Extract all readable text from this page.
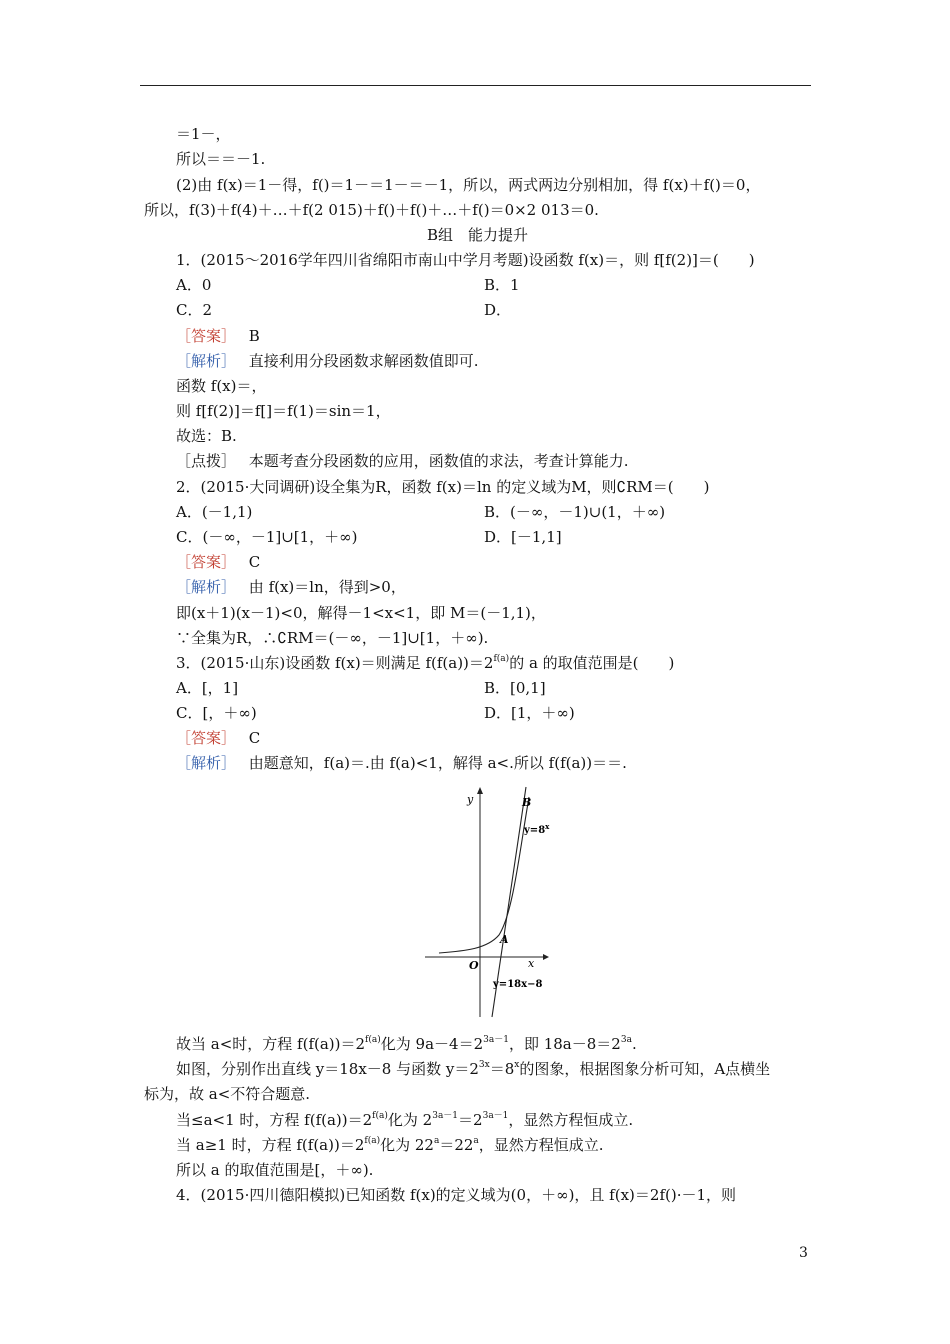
＝1－，
所以＝＝－1.
(2)由 f(x)＝1－得，f()＝1－＝1－＝－1，所以，两式两边分别相加，得 f(x)＋f()＝0，
所以，f(3)＋f(4)＋…＋f(2 015)＋f()＋f()＋…＋f()＝0×2 013＝0.
B组　能力提升
1．(2015～2016学年四川省绵阳市南山中学月考题)设函数 f(x)＝，则 f[f(2)]＝(　　)
A．0	B．1
C．2	D．
［答案］ B
［解析］ 直接利用分段函数求解函数值即可.
函数 f(x)＝，
则 f[f(2)]＝f[]＝f(1)＝sin＝1，
故选：B.
［点拨］ 本题考查分段函数的应用，函数值的求法，考查计算能力.
2．(2015·大同调研)设全集为R，函数 f(x)＝ln 的定义域为M，则∁RM＝(　　)
A．(－1,1)	B．(－∞，－1)∪(1，＋∞)
C．(－∞，－1]∪[1，＋∞)	D．[－1,1]
［答案］ C
［解析］ 由 f(x)＝ln，得到>0，
即(x＋1)(x－1)<0，解得－1<x<1，即 M＝(－1,1)，
∵全集为R，∴∁RM＝(－∞，－1]∪[1，＋∞).
3．(2015·山东)设函数 f(x)＝则满足 $f(f(a))=2^{f(a)}$的 a 的取值范围是(　　)
A．[，1]	B．[0,1]
C．[，＋∞)	D．[1，＋∞)
［答案］ C
［解析］ 由题意知，f(a)＝.由 f(a)<1，解得 a<.所以 f(f(a))＝＝.
y
x
O
A
B
$y=8^x$
y=18x−8
故当 a<时，方程 $f(f(a))=2^{f(a)}$化为 $9a-4=2^{3a-1}$，即 $18a-8=2^{3a}$.
如图，分别作出直线 y＝18x－8 与函数 $y=2^{3x}=8^x$的图象，根据图象分析可知，A点横坐
标为，故 a<不符合题意.
当≤a<1 时，方程 $f(f(a))=2^{f(a)}$化为 $2^{3a-1}=2^{3a-1}$，显然方程恒成立.
当 a≥1 时，方程 $f(f(a))=2^{f(a)}$化为 $22^a=22^a$，显然方程恒成立.
所以 a 的取值范围是[，＋∞).
4．(2015·四川德阳模拟)已知函数 f(x)的定义域为(0，＋∞)，且 f(x)＝2f()·－1，则
3
